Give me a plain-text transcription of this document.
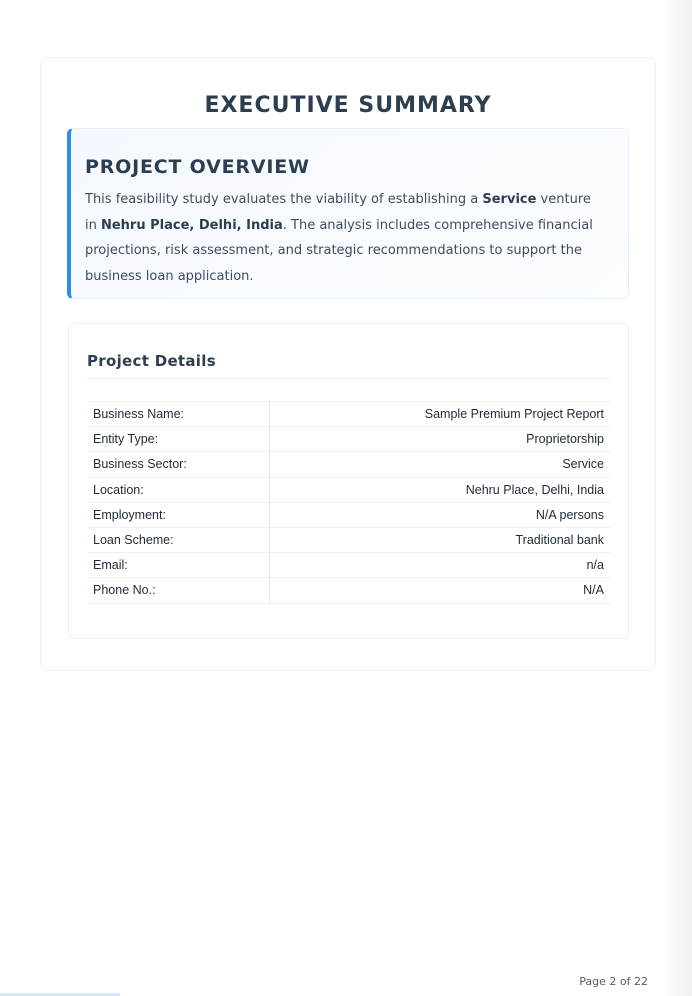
EXECUTIVE SUMMARY
PROJECT OVERVIEW

This feasibility study evaluates the viability of establishing a Service venture in Nehru Place, Delhi, India. The analysis includes comprehensive financial projections, risk assessment, and strategic recommendations to support the business loan application.

Project Details
Business Name:	Sample Premium Project Report
Entity Type:	Proprietorship
Business Sector:	Service
Location:	Nehru Place, Delhi, India
Employment:	N/A persons
Loan Scheme:	Traditional bank
Email:	n/a
Phone No.:	N/A
Page 2 of 22
